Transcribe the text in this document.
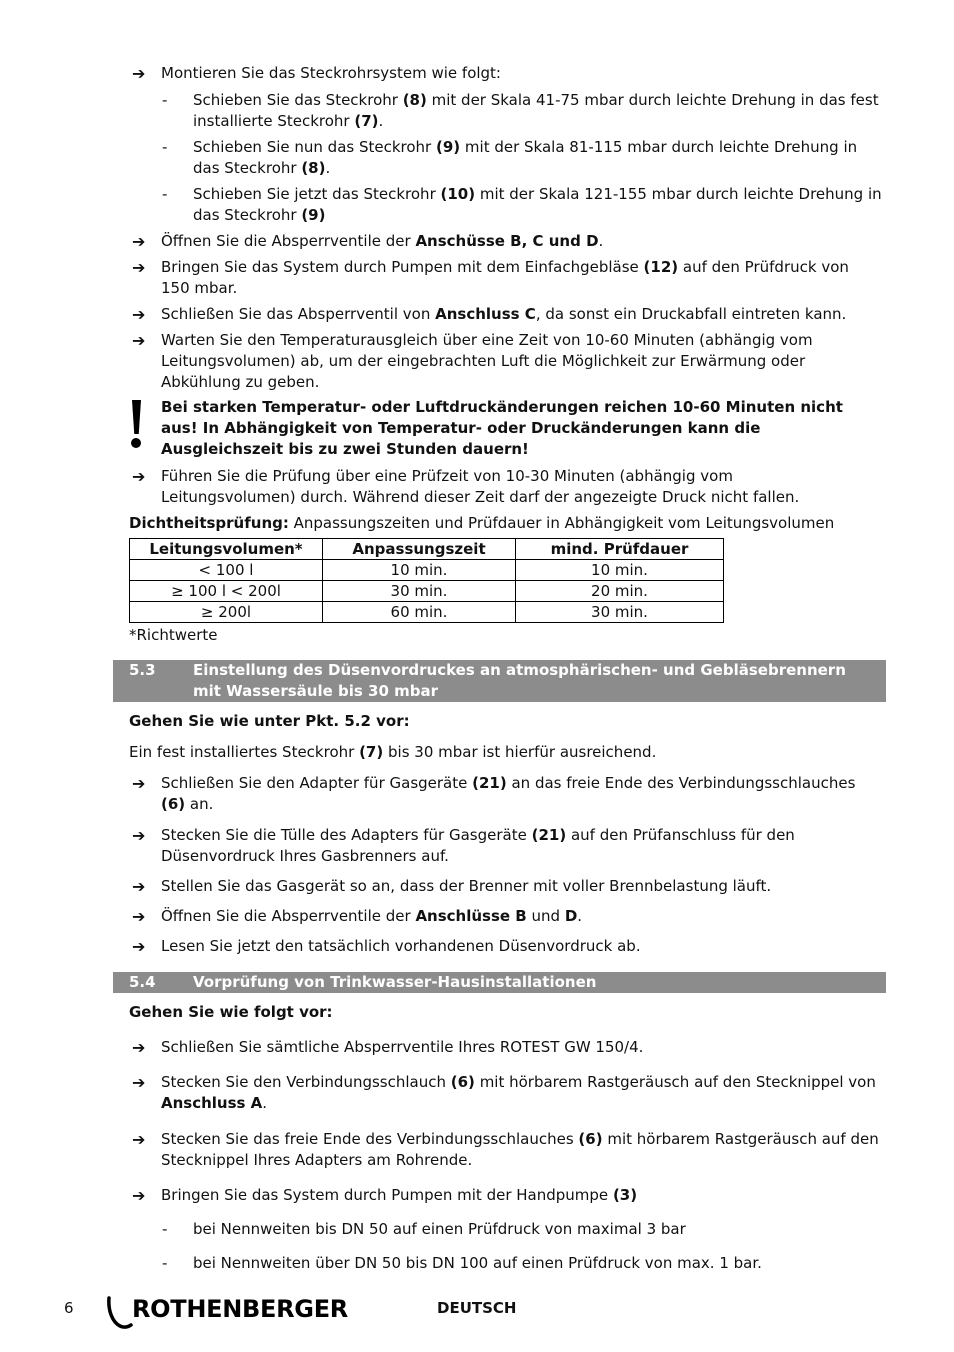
➔ Montieren Sie das Steckrohrsystem wie folgt:
- Schieben Sie das Steckrohr (8) mit der Skala 41-75 mbar durch leichte Drehung in das fest installierte Steckrohr (7).
- Schieben Sie nun das Steckrohr (9) mit der Skala 81-115 mbar durch leichte Drehung in das Steckrohr (8).
- Schieben Sie jetzt das Steckrohr (10) mit der Skala 121-155 mbar durch leichte Drehung in das Steckrohr (9)
➔ Öffnen Sie die Absperrventile der Anschüsse B, C und D.
➔ Bringen Sie das System durch Pumpen mit dem Einfachgebläse (12) auf den Prüfdruck von 150 mbar.
➔ Schließen Sie das Absperrventil von Anschluss C, da sonst ein Druckabfall eintreten kann.
➔ Warten Sie den Temperaturausgleich über eine Zeit von 10-60 Minuten (abhängig vom Leitungsvolumen) ab, um der eingebrachten Luft die Möglichkeit zur Erwärmung oder Abkühlung zu geben.
Bei starken Temperatur- oder Luftdruckänderungen reichen 10-60 Minuten nicht aus! In Abhängigkeit von Temperatur- oder Druckänderungen kann die Ausgleichszeit bis zu zwei Stunden dauern!
➔ Führen Sie die Prüfung über eine Prüfzeit von 10-30 Minuten (abhängig vom Leitungsvolumen) durch. Während dieser Zeit darf der angezeigte Druck nicht fallen.
Dichtheitsprüfung: Anpassungszeiten und Prüfdauer in Abhängigkeit vom Leitungsvolumen
Leitungsvolumen*	Anpassungszeit	mind. Prüfdauer
< 100 l	10 min.	10 min.
≥ 100 l < 200l	30 min.	20 min.
≥ 200l	60 min.	30 min.
*Richtwerte
5.3 Einstellung des Düsenvordruckes an atmosphärischen- und Gebläsebrennern mit Wassersäule bis 30 mbar
Gehen Sie wie unter Pkt. 5.2 vor:
Ein fest installiertes Steckrohr (7) bis 30 mbar ist hierfür ausreichend.
➔ Schließen Sie den Adapter für Gasgeräte (21) an das freie Ende des Verbindungsschlauches (6) an.
➔ Stecken Sie die Tülle des Adapters für Gasgeräte (21) auf den Prüfanschluss für den Düsenvordruck Ihres Gasbrenners auf.
➔ Stellen Sie das Gasgerät so an, dass der Brenner mit voller Brennbelastung läuft.
➔ Öffnen Sie die Absperrventile der Anschlüsse B und D.
➔ Lesen Sie jetzt den tatsächlich vorhandenen Düsenvordruck ab.
5.4 Vorprüfung von Trinkwasser-Hausinstallationen
Gehen Sie wie folgt vor:
➔ Schließen Sie sämtliche Absperrventile Ihres ROTEST GW 150/4.
➔ Stecken Sie den Verbindungsschlauch (6) mit hörbarem Rastgeräusch auf den Stecknippel von Anschluss A.
➔ Stecken Sie das freie Ende des Verbindungsschlauches (6) mit hörbarem Rastgeräusch auf den Stecknippel Ihres Adapters am Rohrende.
➔ Bringen Sie das System durch Pumpen mit der Handpumpe (3)
- bei Nennweiten bis DN 50 auf einen Prüfdruck von maximal 3 bar
- bei Nennweiten über DN 50 bis DN 100 auf einen Prüfdruck von max. 1 bar.
6 ROTHENBERGER	DEUTSCH
